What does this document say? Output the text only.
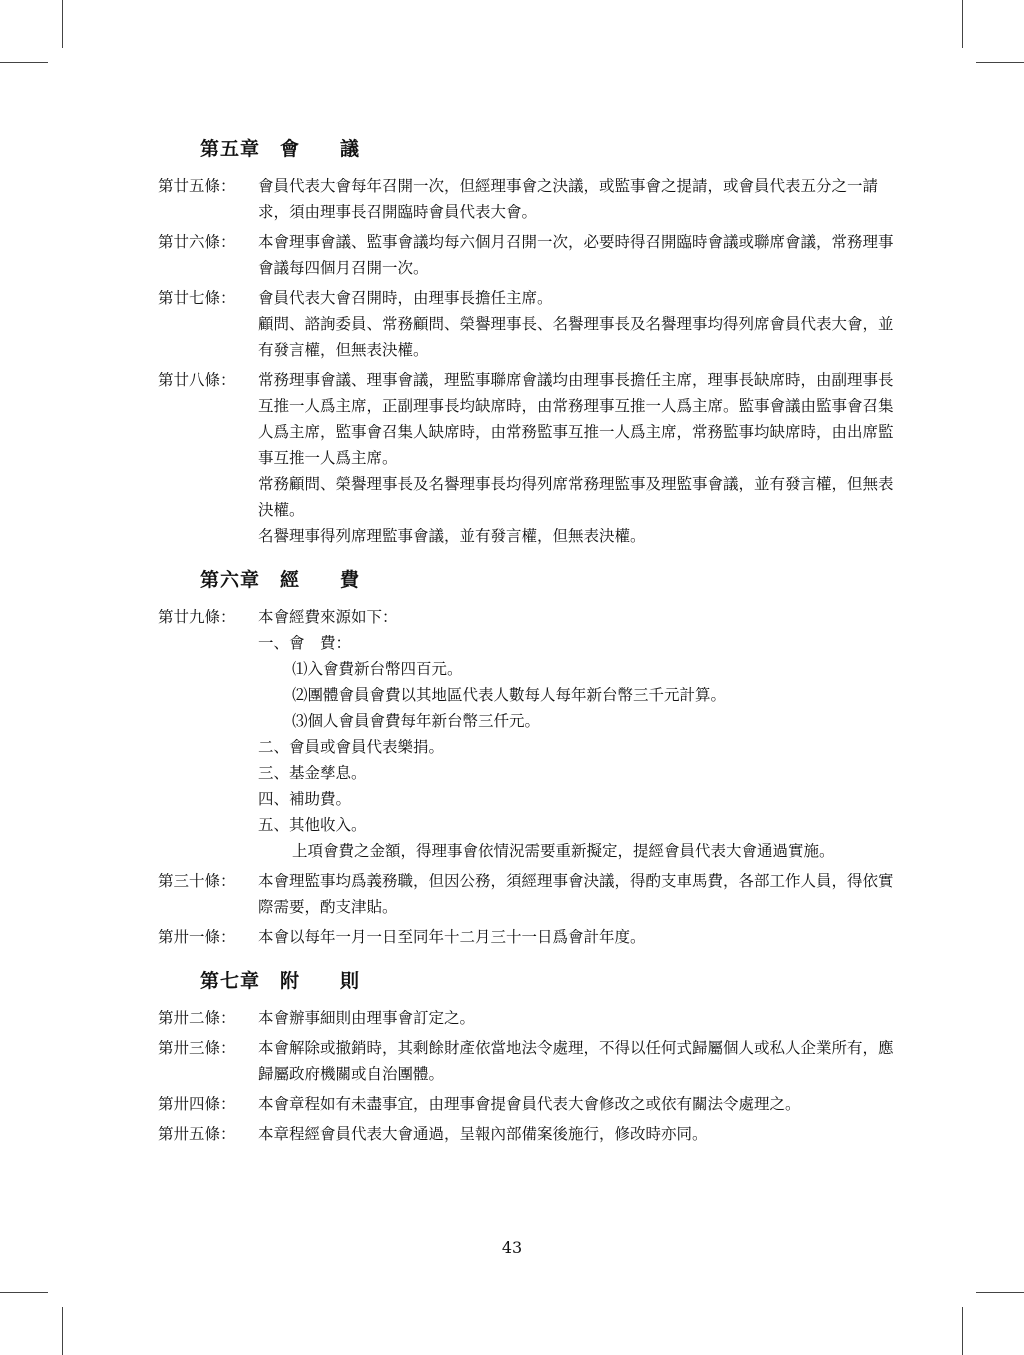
第五章　會　　議
第廿五條：	會員代表大會每年召開一次，但經理事會之決議，或監事會之提請，或會員代表五分之一請求，須由理事長召開臨時會員代表大會。

第廿六條：	本會理事會議、監事會議均每六個月召開一次，必要時得召開臨時會議或聯席會議，常務理事會議每四個月召開一次。

第廿七條：	會員代表大會召開時，由理事長擔任主席。

顧問、諮詢委員、常務顧問、榮譽理事長、名譽理事長及名譽理事均得列席會員代表大會，並有發言權，但無表決權。

第廿八條：	常務理事會議、理事會議，理監事聯席會議均由理事長擔任主席，理事長缺席時，由副理事長互推一人爲主席，正副理事長均缺席時，由常務理事互推一人爲主席。監事會議由監事會召集人爲主席，監事會召集人缺席時，由常務監事互推一人爲主席，常務監事均缺席時，由出席監事互推一人爲主席。

常務顧問、榮譽理事長及名譽理事長均得列席常務理監事及理監事會議，並有發言權，但無表決權。

名譽理事得列席理監事會議，並有發言權，但無表決權。

第六章　經　　費
第廿九條：	本會經費來源如下：

一、會　費：

⑴入會費新台幣四百元。

⑵團體會員會費以其地區代表人數每人每年新台幣三千元計算。

⑶個人會員會費每年新台幣三仟元。

二、會員或會員代表樂捐。

三、基金孳息。

四、補助費。

五、其他收入。

上項會費之金額，得理事會依情況需要重新擬定，提經會員代表大會通過實施。

第三十條：	本會理監事均爲義務職，但因公務，須經理事會決議，得酌支車馬費，各部工作人員，得依實際需要，酌支津貼。

第卅一條：	本會以每年一月一日至同年十二月三十一日爲會計年度。

第七章　附　　則
第卅二條：	本會辦事細則由理事會訂定之。

第卅三條：	本會解除或撤銷時，其剩餘財產依當地法令處理，不得以任何式歸屬個人或私人企業所有，應歸屬政府機關或自治團體。

第卅四條：	本會章程如有未盡事宜，由理事會提會員代表大會修改之或依有關法令處理之。

第卅五條：	本章程經會員代表大會通過，呈報內部備案後施行，修改時亦同。

43
